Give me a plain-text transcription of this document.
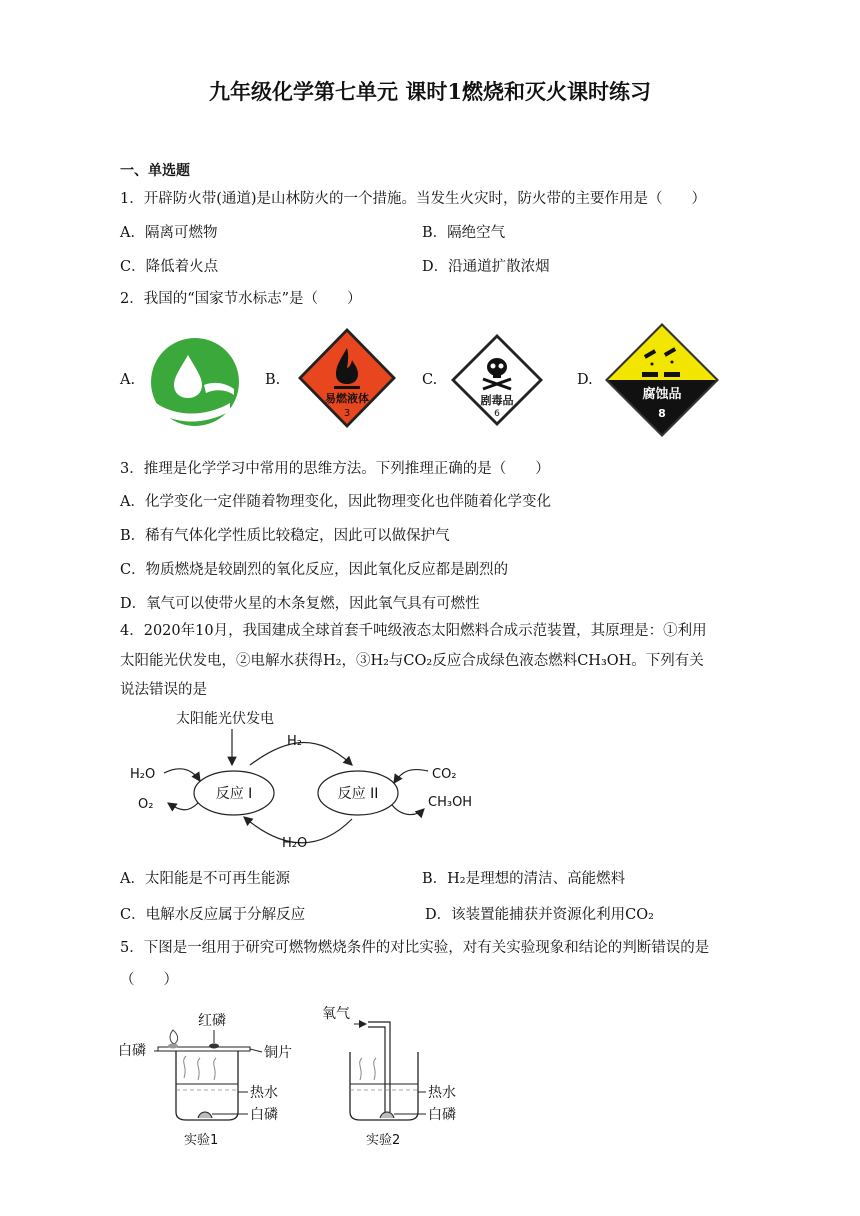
九年级化学第七单元 课时1燃烧和灭火课时练习
一、单选题
1．开辟防火带(通道)是山林防火的一个措施。当发生火灾时，防火带的主要作用是（　　）
A．隔离可燃物	B．隔绝空气
C．降低着火点	D．沿通道扩散浓烟
2．我国的“国家节水标志”是（　　）
A.	B.	C.	D.
易燃液体
3
剧毒品
6
腐蚀品
8
3．推理是化学学习中常用的思维方法。下列推理正确的是（　　）
A．化学变化一定伴随着物理变化，因此物理变化也伴随着化学变化
B．稀有气体化学性质比较稳定，因此可以做保护气
C．物质燃烧是较剧烈的氧化反应，因此氧化反应都是剧烈的
D．氧气可以使带火星的木条复燃，因此氧气具有可燃性
4．2020年10月，我国建成全球首套千吨级液态太阳燃料合成示范装置，其原理是：①利用
太阳能光伏发电，②电解水获得H₂，③H₂与CO₂反应合成绿色液态燃料CH₃OH。下列有关
说法错误的是
太阳能光伏发电
H₂
反应 I	反应 II
H₂O
O₂
CO₂
CH₃OH
H₂O
A．太阳能是不可再生能源	B．H₂是理想的清洁、高能燃料
C．电解水反应属于分解反应	D．该装置能捕获并资源化利用CO₂
5．下图是一组用于研究可燃物燃烧条件的对比实验，对有关实验现象和结论的判断错误的是
（　　）
白磷
红磷
铜片
热水
白磷
实验1
氧气
热水
白磷
实验2
